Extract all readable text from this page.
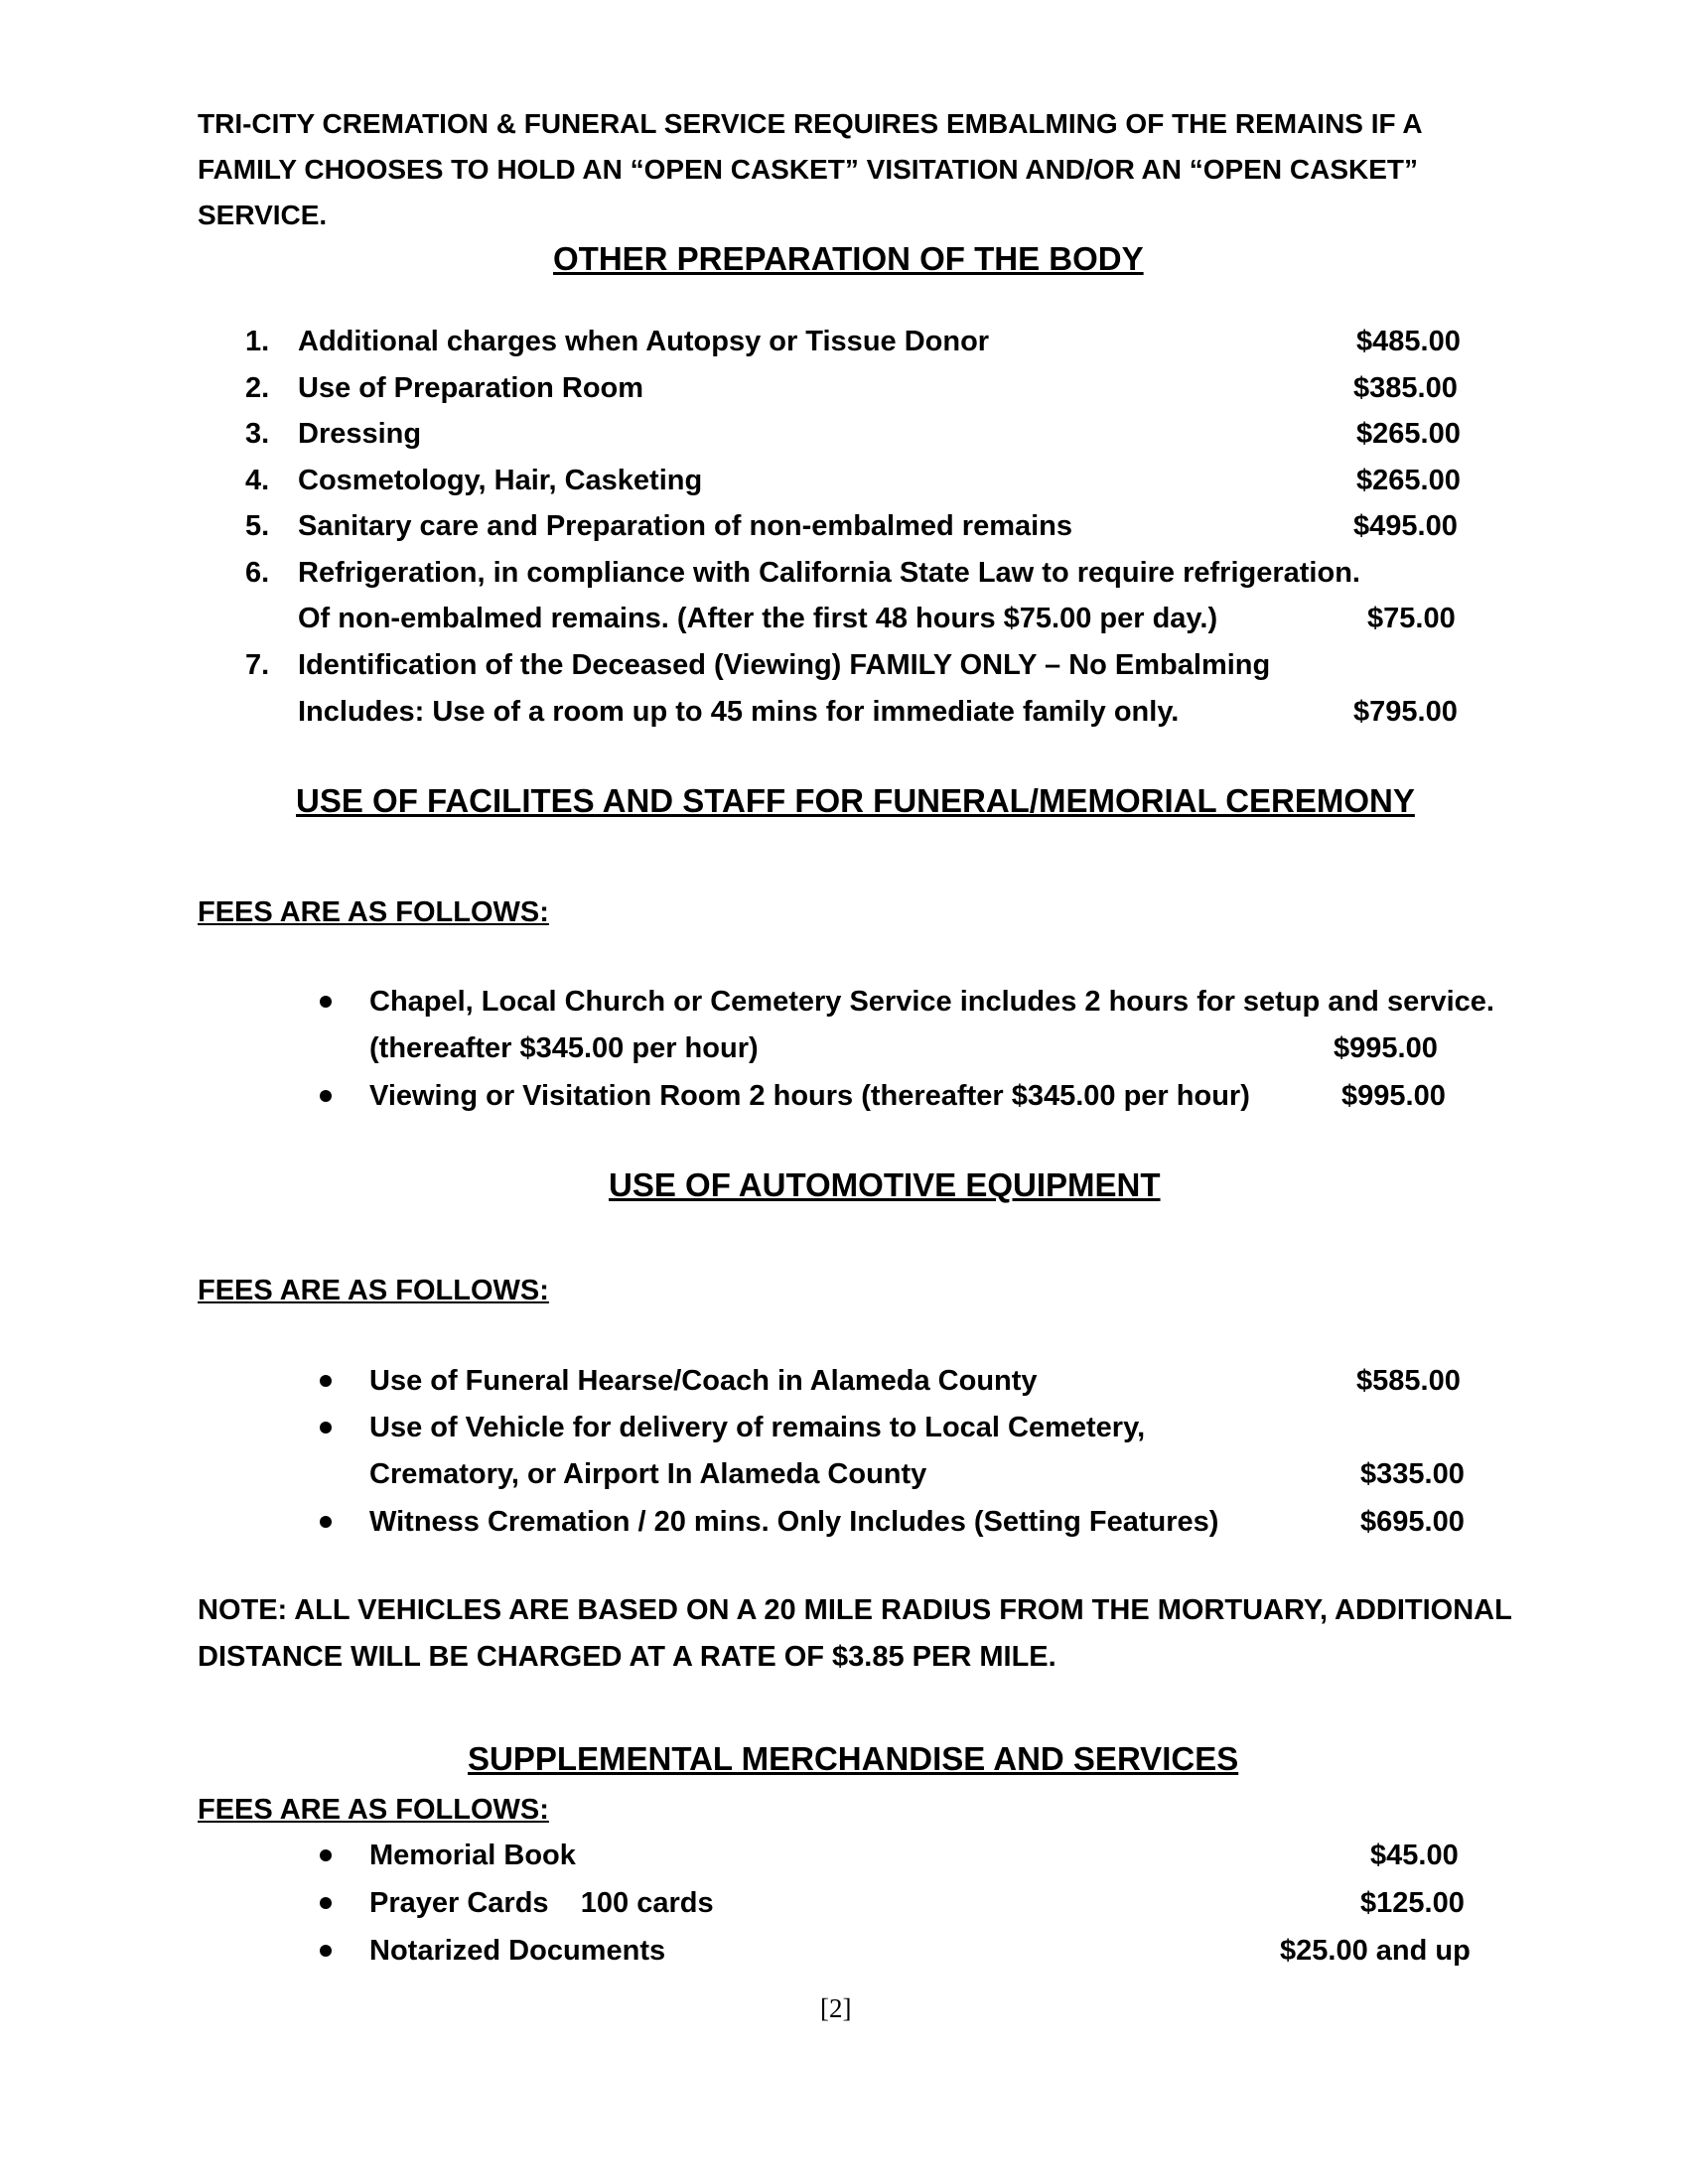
TRI-CITY CREMATION & FUNERAL SERVICE REQUIRES EMBALMING OF THE REMAINS IF A
FAMILY CHOOSES TO HOLD AN “OPEN CASKET” VISITATION AND/OR AN “OPEN CASKET”
SERVICE.
OTHER PREPARATION OF THE BODY
1. Additional charges when Autopsy or Tissue Donor	$485.00
2. Use of Preparation Room	$385.00
3. Dressing	$265.00
4. Cosmetology, Hair, Casketing	$265.00
5. Sanitary care and Preparation of non-embalmed remains	$495.00
6. Refrigeration, in compliance with California State Law to require refrigeration.
Of non-embalmed remains. (After the first 48 hours $75.00 per day.)	$75.00
7. Identification of the Deceased (Viewing) FAMILY ONLY – No Embalming
Includes: Use of a room up to 45 mins for immediate family only.	$795.00
USE OF FACILITES AND STAFF FOR FUNERAL/MEMORIAL CEREMONY
FEES ARE AS FOLLOWS:
Chapel, Local Church or Cemetery Service includes 2 hours for setup and service.
(thereafter $345.00 per hour)	$995.00
Viewing or Visitation Room 2 hours (thereafter $345.00 per hour)	$995.00
USE OF AUTOMOTIVE EQUIPMENT
FEES ARE AS FOLLOWS:
Use of Funeral Hearse/Coach in Alameda County	$585.00
Use of Vehicle for delivery of remains to Local Cemetery,
Crematory, or Airport In Alameda County	$335.00
Witness Cremation / 20 mins. Only Includes (Setting Features)	$695.00
NOTE: ALL VEHICLES ARE BASED ON A 20 MILE RADIUS FROM THE MORTUARY, ADDITIONAL
DISTANCE WILL BE CHARGED AT A RATE OF $3.85 PER MILE.
SUPPLEMENTAL MERCHANDISE AND SERVICES
FEES ARE AS FOLLOWS:
Memorial Book	$45.00
Prayer Cards    100 cards	$125.00
Notarized Documents	$25.00 and up
[2]
